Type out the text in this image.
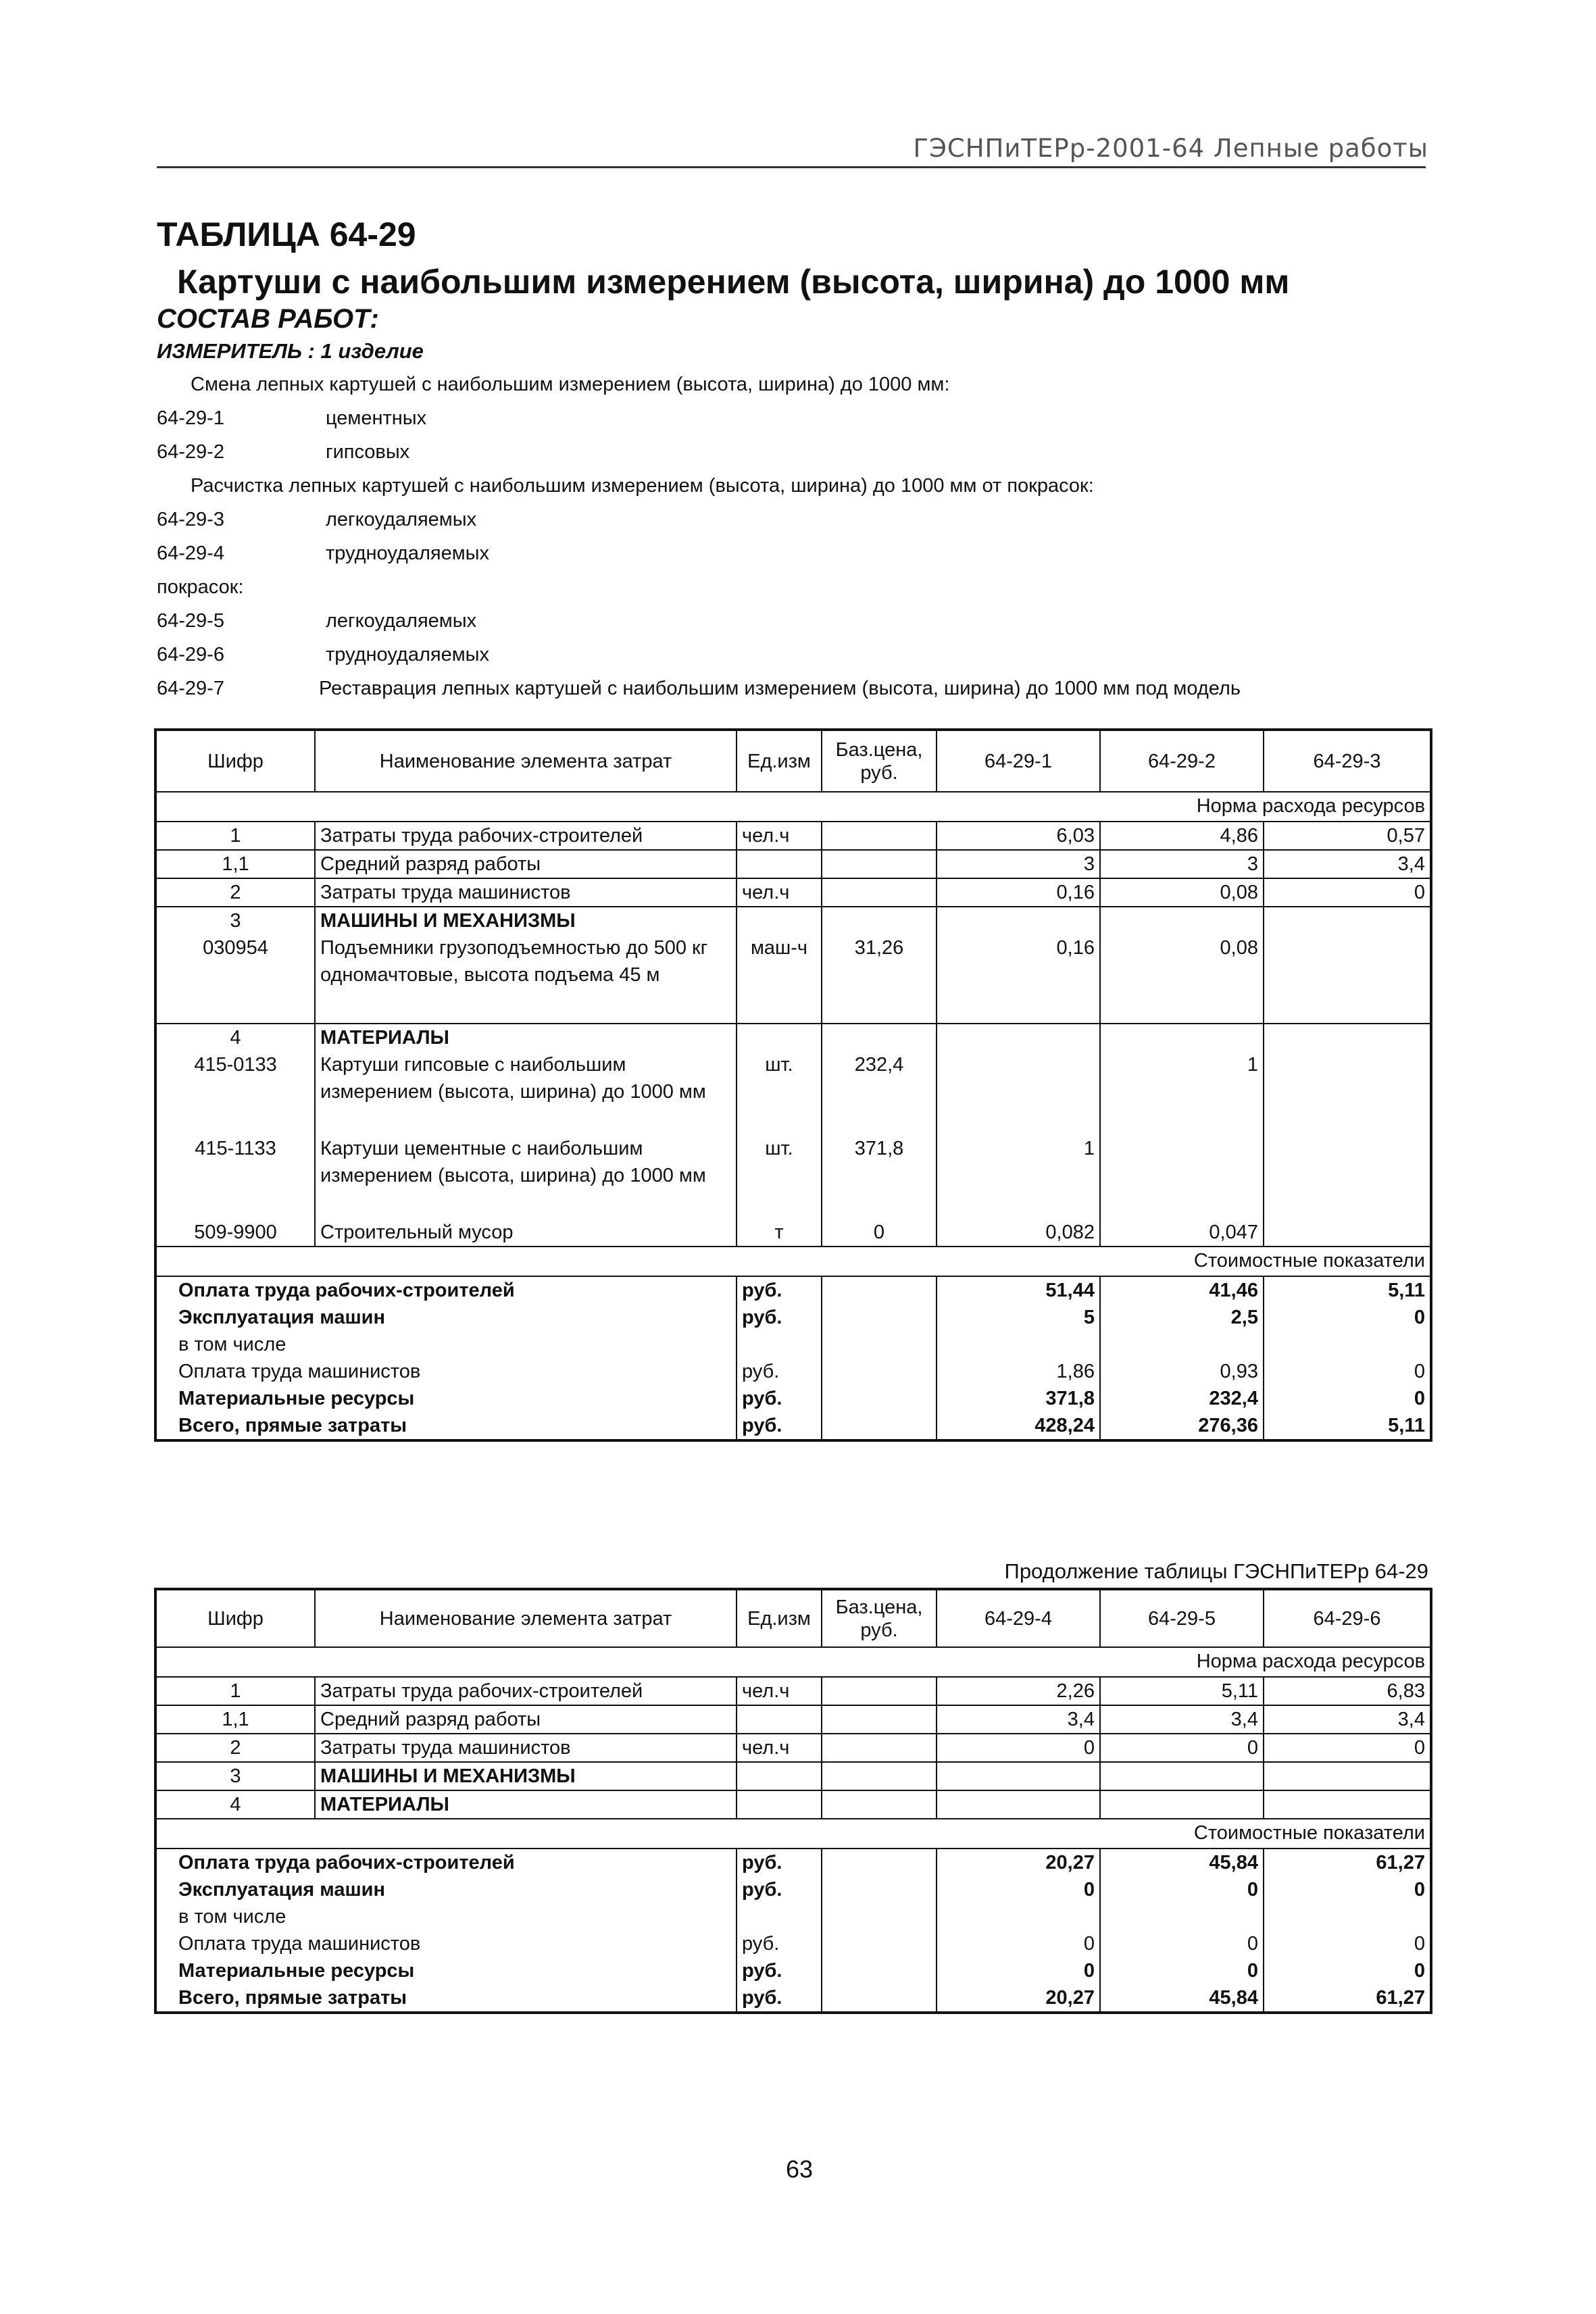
ГЭСНПиТЕРр-2001-64 Лепные работы
ТАБЛИЦА 64-29
Картуши с наибольшим измерением (высота, ширина) до 1000 мм
СОСТАВ РАБОТ:
ИЗМЕРИТЕЛЬ : 1 изделие
Смена лепных картушей с наибольшим измерением (высота, ширина) до 1000 мм:
64-29-1	цементных
64-29-2	гипсовых
Расчистка лепных картушей с наибольшим измерением (высота, ширина) до 1000 мм от покрасок:
64-29-3	легкоудаляемых
64-29-4	трудноудаляемых
покрасок:
64-29-5	легкоудаляемых
64-29-6	трудноудаляемых
64-29-7	Реставрация лепных картушей с наибольшим измерением (высота, ширина) до 1000 мм под модель
Шифр	Наименование элемента затрат	Ед.изм	Баз.цена, руб.	64-29-1	64-29-2	64-29-3
Норма расхода ресурсов						
1	Затраты труда рабочих-строителей	чел.ч		6,03	4,86	0,57
1,1	Средний разряд работы			3	3	3,4
2	Затраты труда машинистов	чел.ч		0,16	0,08	0
3	МАШИНЫ И МЕХАНИЗМЫ					
030954	Подъемники грузоподъемностью до 500 кг одномачтовые, высота подъема 45 м	маш-ч	31,26	0,16	0,08	
4	МАТЕРИАЛЫ					
415-0133	Картуши гипсовые с наибольшим измерением (высота, ширина) до 1000 мм	шт.	232,4		1	
415-1133	Картуши цементные с наибольшим измерением (высота, ширина) до 1000 мм	шт.	371,8	1		
509-9900	Строительный мусор	т	0	0,082	0,047	
Стоимостные показатели						
Оплата труда рабочих-строителей		руб.		51,44	41,46	5,11
Эксплуатация машин		руб.		5	2,5	0
в том числе						
Оплата труда машинистов		руб.		1,86	0,93	0
Материальные ресурсы		руб.		371,8	232,4	0
Всего, прямые затраты		руб.		428,24	276,36	5,11
Продолжение таблицы ГЭСНПиТЕРр 64-29
Шифр	Наименование элемента затрат	Ед.изм	Баз.цена, руб.	64-29-4	64-29-5	64-29-6
Норма расхода ресурсов						
1	Затраты труда рабочих-строителей	чел.ч		2,26	5,11	6,83
1,1	Средний разряд работы			3,4	3,4	3,4
2	Затраты труда машинистов	чел.ч		0	0	0
3	МАШИНЫ И МЕХАНИЗМЫ					
4	МАТЕРИАЛЫ					
Стоимостные показатели						
Оплата труда рабочих-строителей		руб.		20,27	45,84	61,27
Эксплуатация машин		руб.		0	0	0
в том числе						
Оплата труда машинистов		руб.		0	0	0
Материальные ресурсы		руб.		0	0	0
Всего, прямые затраты		руб.		20,27	45,84	61,27
63
